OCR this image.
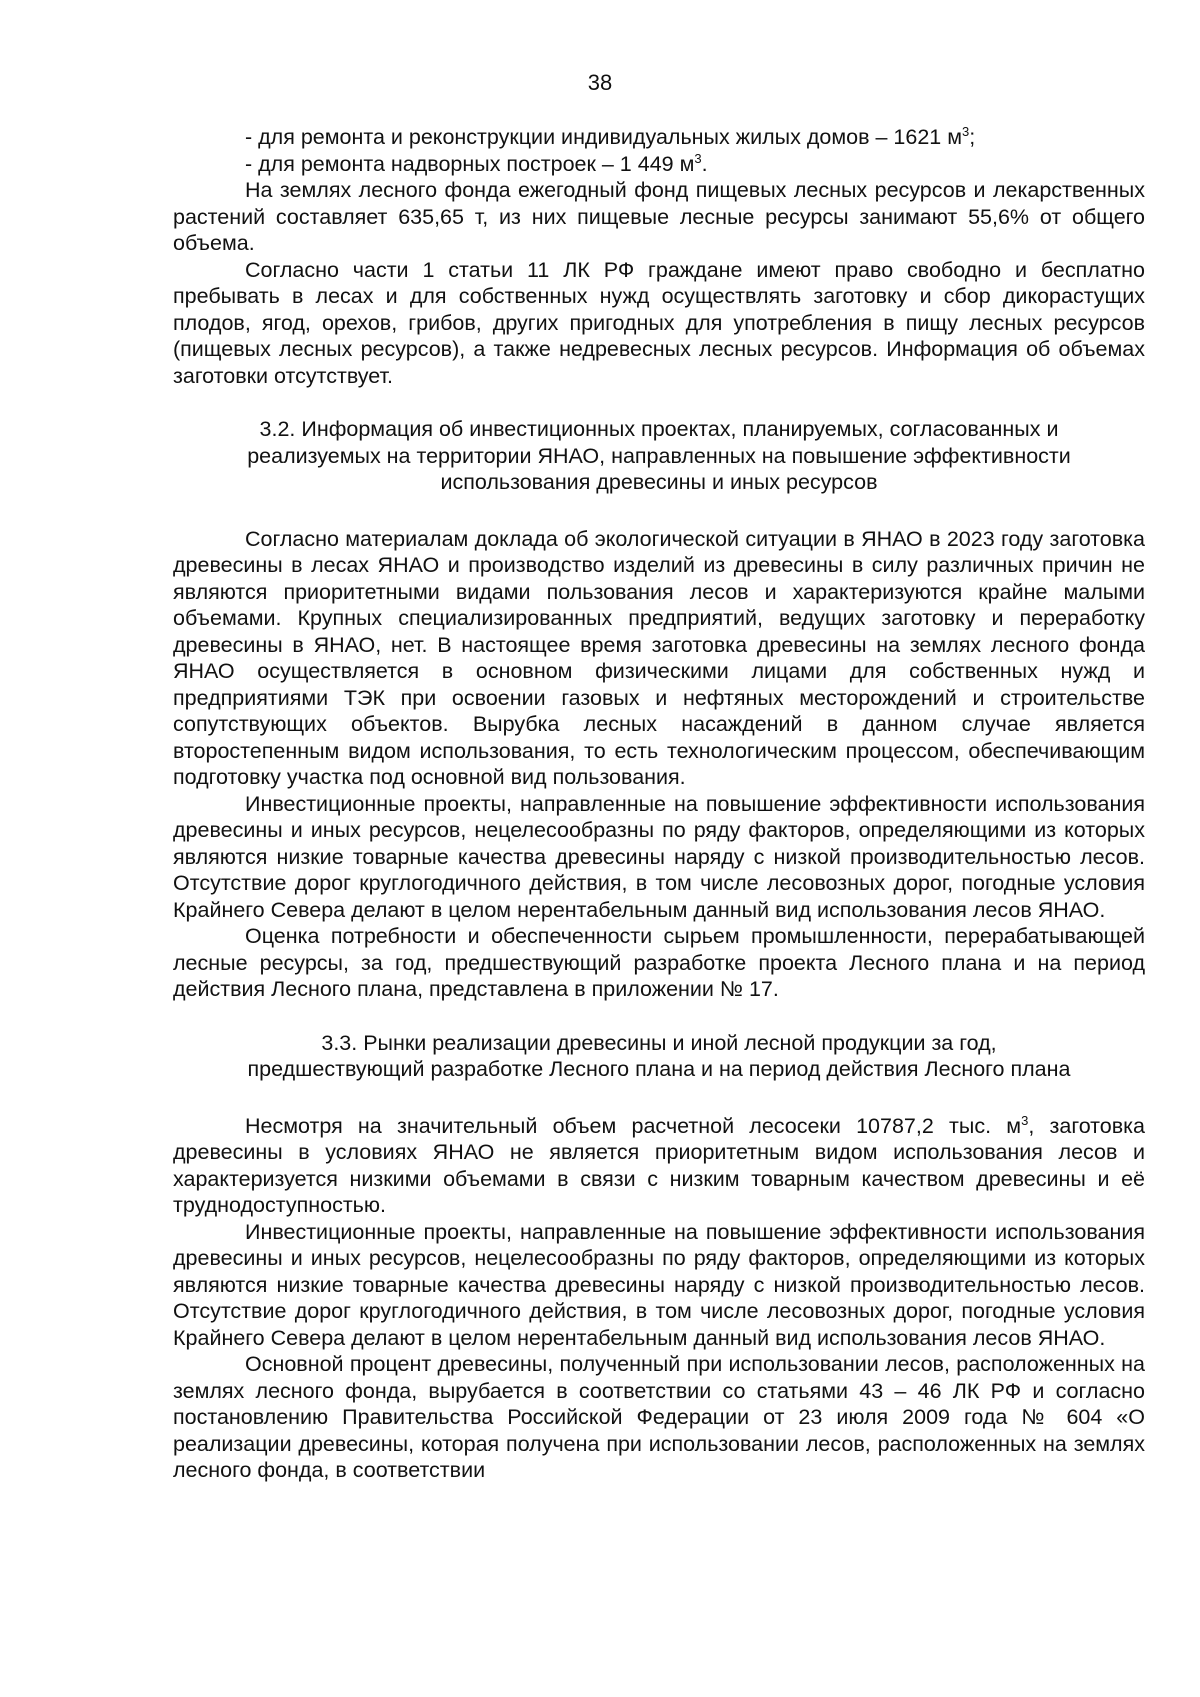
38

- для ремонта и реконструкции индивидуальных жилых домов – 1621 $м^3$;

- для ремонта надворных построек – 1 449 $м^3$.

На землях лесного фонда ежегодный фонд пищевых лесных ресурсов и лекарственных растений составляет 635,65 т, из них пищевые лесные ресурсы занимают 55,6% от общего объема.

Согласно части 1 статьи 11 ЛК РФ граждане имеют право свободно и бесплатно пребывать в лесах и для собственных нужд осуществлять заготовку и сбор дикорастущих плодов, ягод, орехов, грибов, других пригодных для употребления в пищу лесных ресурсов (пищевых лесных ресурсов), а также недревесных лесных ресурсов. Информация об объемах заготовки отсутствует.

3.2. Информация об инвестиционных проектах, планируемых, согласованных и

реализуемых на территории ЯНАО, направленных на повышение эффективности

использования древесины и иных ресурсов

Согласно материалам доклада об экологической ситуации в ЯНАО в 2023 году заготовка древесины в лесах ЯНАО и производство изделий из древесины в силу различных причин не являются приоритетными видами пользования лесов и характеризуются крайне малыми объемами. Крупных специализированных предприятий, ведущих заготовку и переработку древесины в ЯНАО, нет. В настоящее время заготовка древесины на землях лесного фонда ЯНАО осуществляется в основном физическими лицами для собственных нужд и предприятиями ТЭК при освоении газовых и нефтяных месторождений и строительстве сопутствующих объектов. Вырубка лесных насаждений в данном случае является второстепенным видом использования, то есть технологическим процессом, обеспечивающим подготовку участка под основной вид пользования.

Инвестиционные проекты, направленные на повышение эффективности использования древесины и иных ресурсов, нецелесообразны по ряду факторов, определяющими из которых являются низкие товарные качества древесины наряду с низкой производительностью лесов. Отсутствие дорог круглогодичного действия, в том числе лесовозных дорог, погодные условия Крайнего Севера делают в целом нерентабельным данный вид использования лесов ЯНАО.

Оценка потребности и обеспеченности сырьем промышленности, перерабатывающей лесные ресурсы, за год, предшествующий разработке проекта Лесного плана и на период действия Лесного плана, представлена в приложении № 17.

3.3. Рынки реализации древесины и иной лесной продукции за год,

предшествующий разработке Лесного плана и на период действия Лесного плана

Несмотря на значительный объем расчетной лесосеки 10787,2 тыс. $м^3$, заготовка древесины в условиях ЯНАО не является приоритетным видом использования лесов и характеризуется низкими объемами в связи с низким товарным качеством древесины и её труднодоступностью.

Инвестиционные проекты, направленные на повышение эффективности использования древесины и иных ресурсов, нецелесообразны по ряду факторов, определяющими из которых являются низкие товарные качества древесины наряду с низкой производительностью лесов. Отсутствие дорог круглогодичного действия, в том числе лесовозных дорог, погодные условия Крайнего Севера делают в целом нерентабельным данный вид использования лесов ЯНАО.

Основной процент древесины, полученный при использовании лесов, расположенных на землях лесного фонда, вырубается в соответствии со статьями 43 – 46 ЛК РФ и согласно постановлению Правительства Российской Федерации от 23 июля 2009 года № 604 «О реализации древесины, которая получена при использовании лесов, расположенных на землях лесного фонда, в соответствии
